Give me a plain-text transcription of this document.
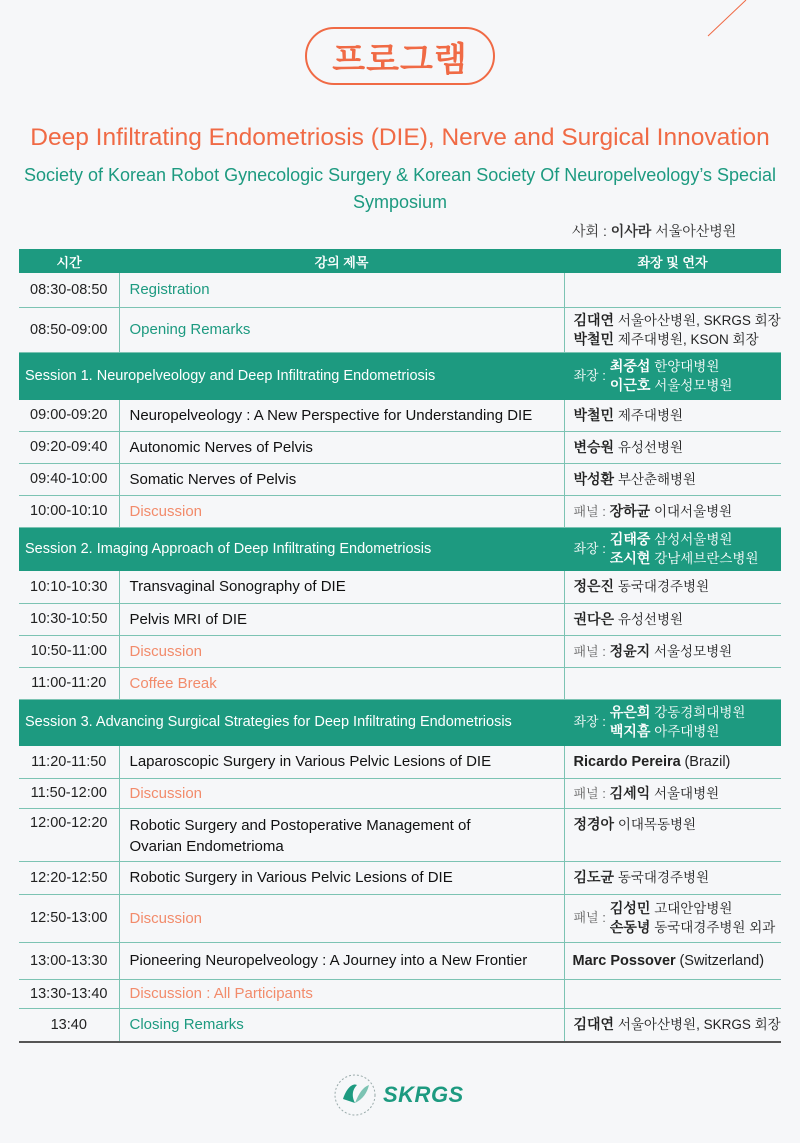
프로그램
Deep Infiltrating Endometriosis (DIE), Nerve and Surgical Innovation
Society of Korean Robot Gynecologic Surgery & Korean Society Of Neuropelveology’s Special Symposium
사회 : 이사라 서울아산병원
시간	강의 제목	좌장 및 연자
08:30-08:50	Registration	
08:50-09:00	Opening Remarks	김대연 서울아산병원, SKRGS 회장
박철민 제주대병원, KSON 회장

Session 1. Neuropelveology and Deep Infiltrating Endometriosis		좌장 :
최중섭 한양대병원
이근호 서울성모병원

09:00-09:20	Neuropelveology : A New Perspective for Understanding DIE	박철민 제주대병원
09:20-09:40	Autonomic Nerves of Pelvis	변승원 유성선병원
09:40-10:00	Somatic Nerves of Pelvis	박성환 부산춘해병원
10:00-10:10	Discussion	패널 : 장하균 이대서울병원
Session 2. Imaging Approach of Deep Infiltrating Endometriosis		좌장 :
김태중 삼성서울병원
조시현 강남세브란스병원

10:10-10:30	Transvaginal Sonography of DIE	정은진 동국대경주병원
10:30-10:50	Pelvis MRI of DIE	권다은 유성선병원
10:50-11:00	Discussion	패널 : 정윤지 서울성모병원
11:00-11:20	Coffee Break	
Session 3. Advancing Surgical Strategies for Deep Infiltrating Endometriosis		좌장 :
유은희 강동경희대병원
백지흠 아주대병원

11:20-11:50	Laparoscopic Surgery in Various Pelvic Lesions of DIE	Ricardo Pereira (Brazil)
11:50-12:00	Discussion	패널 : 김세익 서울대병원
12:00-12:20	Robotic Surgery and Postoperative Management of Ovarian Endometrioma	정경아 이대목동병원
12:20-12:50	Robotic Surgery in Various Pelvic Lesions of DIE	김도균 동국대경주병원
12:50-13:00	Discussion	패널 :
김성민 고대안암병원
손동녕 동국대경주병원 외과

13:00-13:30	Pioneering Neuropelveology : A Journey into a New Frontier	Marc Possover (Switzerland)
13:30-13:40	Discussion : All Participants	
13:40	Closing Remarks	김대연 서울아산병원, SKRGS 회장
SKRGS
